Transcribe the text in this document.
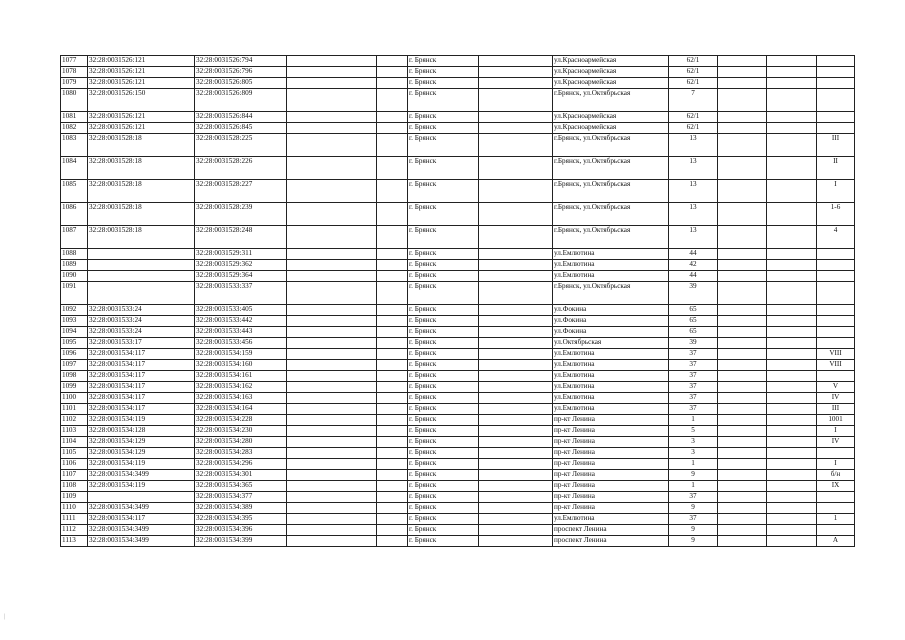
1077	32:28:0031526:121	32:28:0031526:794			г. Брянск		ул.Красноармейская	62/1			
1078	32:28:0031526:121	32:28:0031526:796			г. Брянск		ул.Красноармейская	62/1			
1079	32:28:0031526:121	32:28:0031526:805			г. Брянск		ул.Красноармейская	62/1			
1080	32:28:0031526:150	32:28:0031526:809			г. Брянск		г.Брянск, ул.Октябрьская	7			
1081	32:28:0031526:121	32:28:0031526:844			г. Брянск		ул.Красноармейская	62/1			
1082	32:28:0031526:121	32:28:0031526:845			г. Брянск		ул.Красноармейская	62/1			
1083	32:28:0031528:18	32:28:0031528:225			г. Брянск		г.Брянск, ул.Октябрьская	13			III
1084	32:28:0031528:18	32:28:0031528:226			г. Брянск		г.Брянск, ул.Октябрьская	13			II
1085	32:28:0031528:18	32:28:0031528:227			г. Брянск		г.Брянск, ул.Октябрьская	13			I
1086	32:28:0031528:18	32:28:0031528:239			г. Брянск		г.Брянск, ул.Октябрьская	13			1-6
1087	32:28:0031528:18	32:28:0031528:248			г. Брянск		г.Брянск, ул.Октябрьская	13			4
1088		32:28:0031529:311			г. Брянск		ул.Емлютина	44			
1089		32:28:0031529:362			г. Брянск		ул.Емлютина	42			
1090		32:28:0031529:364			г. Брянск		ул.Емлютина	44			
1091		32:28:0031533:337			г. Брянск		г.Брянск, ул.Октябрьская	39			
1092	32:28:0031533:24	32:28:0031533:405			г. Брянск		ул.Фокина	65			
1093	32:28:0031533:24	32:28:0031533:442			г. Брянск		ул.Фокина	65			
1094	32:28:0031533:24	32:28:0031533:443			г. Брянск		ул.Фокина	65			
1095	32:28:0031533:17	32:28:0031533:456			г. Брянск		ул.Октябрьская	39			
1096	32:28:0031534:117	32:28:0031534:159			г. Брянск		ул.Емлютина	37			VIII
1097	32:28:0031534:117	32:28:0031534:160			г. Брянск		ул.Емлютина	37			VIII
1098	32:28:0031534:117	32:28:0031534:161			г. Брянск		ул.Емлютина	37			
1099	32:28:0031534:117	32:28:0031534:162			г. Брянск		ул.Емлютина	37			V
1100	32:28:0031534:117	32:28:0031534:163			г. Брянск		ул.Емлютина	37			IV
1101	32:28:0031534:117	32:28:0031534:164			г. Брянск		ул.Емлютина	37			III
1102	32:28:0031534:119	32:28:0031534:228			г. Брянск		пр-кт Ленина	1			1001
1103	32:28:0031534:128	32:28:0031534:230			г. Брянск		пр-кт Ленина	5			I
1104	32:28:0031534:129	32:28:0031534:280			г. Брянск		пр-кт Ленина	3			IV
1105	32:28:0031534:129	32:28:0031534:283			г. Брянск		пр-кт Ленина	3			
1106	32:28:0031534:119	32:28:0031534:296			г. Брянск		пр-кт Ленина	1			I
1107	32:28:0031534:3499	32:28:0031534:301			г. Брянск		пр-кт Ленина	9			б/н
1108	32:28:0031534:119	32:28:0031534:365			г. Брянск		пр-кт Ленина	1			IX
1109		32:28:0031534:377			г. Брянск		пр-кт Ленина	37			
1110	32:28:0031534:3499	32:28:0031534:389			г. Брянск		пр-кт Ленина	9			
1111	32:28:0031534:117	32:28:0031534:395			г. Брянск		ул.Емлютина	37			1
1112	32:28:0031534:3499	32:28:0031534:396			г. Брянск		проспект Ленина	9			
1113	32:28:0031534:3499	32:28:0031534:399			г. Брянск		проспект Ленина	9			А
|
